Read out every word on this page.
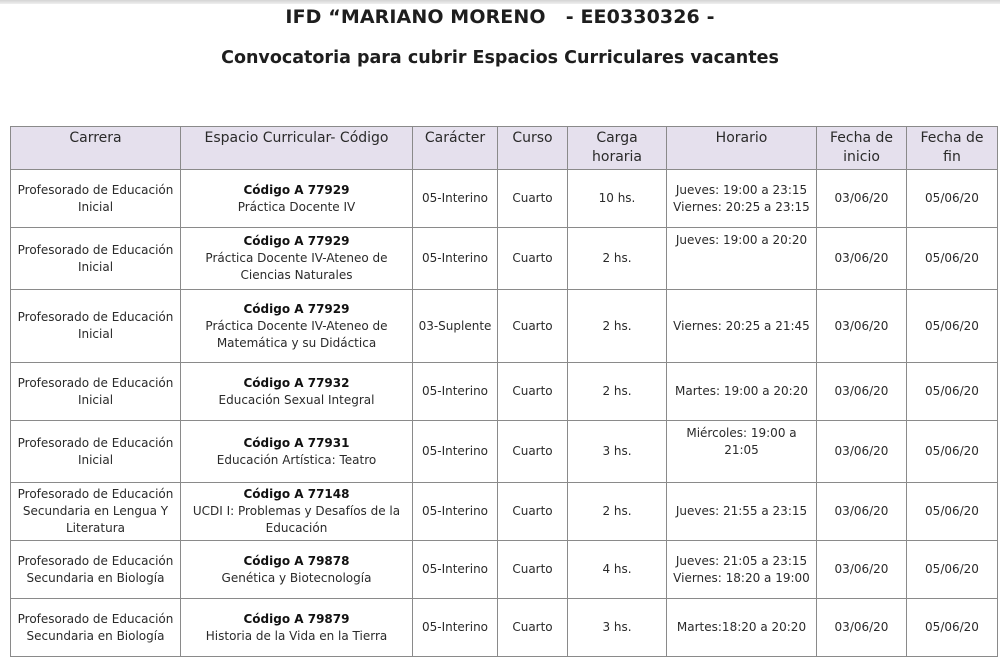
IFD “MARIANO MORENO   - EE0330326 -
Convocatoria para cubrir Espacios Curriculares vacantes
Carrera	Espacio Curricular- Código	Carácter	Curso	Carga horaria	Horario	Fecha de inicio	Fecha de fin
Profesorado de Educación Inicial	Código A 77929
Práctica Docente IV	05-Interino	Cuarto	10 hs.	Jueves: 19:00 a 23:15
Viernes: 20:25 a 23:15	03/06/20	05/06/20
Profesorado de Educación Inicial	Código A 77929
Práctica Docente IV-Ateneo de Ciencias Naturales	05-Interino	Cuarto	2 hs.	Jueves: 19:00 a 20:20	03/06/20	05/06/20
Profesorado de Educación Inicial	Código A 77929
Práctica Docente IV-Ateneo de Matemática y su Didáctica	03-Suplente	Cuarto	2 hs.	Viernes: 20:25 a 21:45	03/06/20	05/06/20
Profesorado de Educación Inicial	Código A 77932
Educación Sexual Integral	05-Interino	Cuarto	2 hs.	Martes: 19:00 a 20:20	03/06/20	05/06/20
Profesorado de Educación Inicial	Código A 77931
Educación Artística: Teatro	05-Interino	Cuarto	3 hs.	Miércoles: 19:00 a 21:05	03/06/20	05/06/20
Profesorado de Educación Secundaria en Lengua Y Literatura	Código A 77148
UCDI I: Problemas y Desafíos de la Educación	05-Interino	Cuarto	2 hs.	Jueves: 21:55 a 23:15	03/06/20	05/06/20
Profesorado de Educación Secundaria en Biología	Código A 79878
Genética y Biotecnología	05-Interino	Cuarto	4 hs.	Jueves: 21:05 a 23:15
Viernes: 18:20 a 19:00	03/06/20	05/06/20
Profesorado de Educación Secundaria en Biología	Código A 79879
Historia de la Vida en la Tierra	05-Interino	Cuarto	3 hs.	Martes:18:20 a 20:20	03/06/20	05/06/20
